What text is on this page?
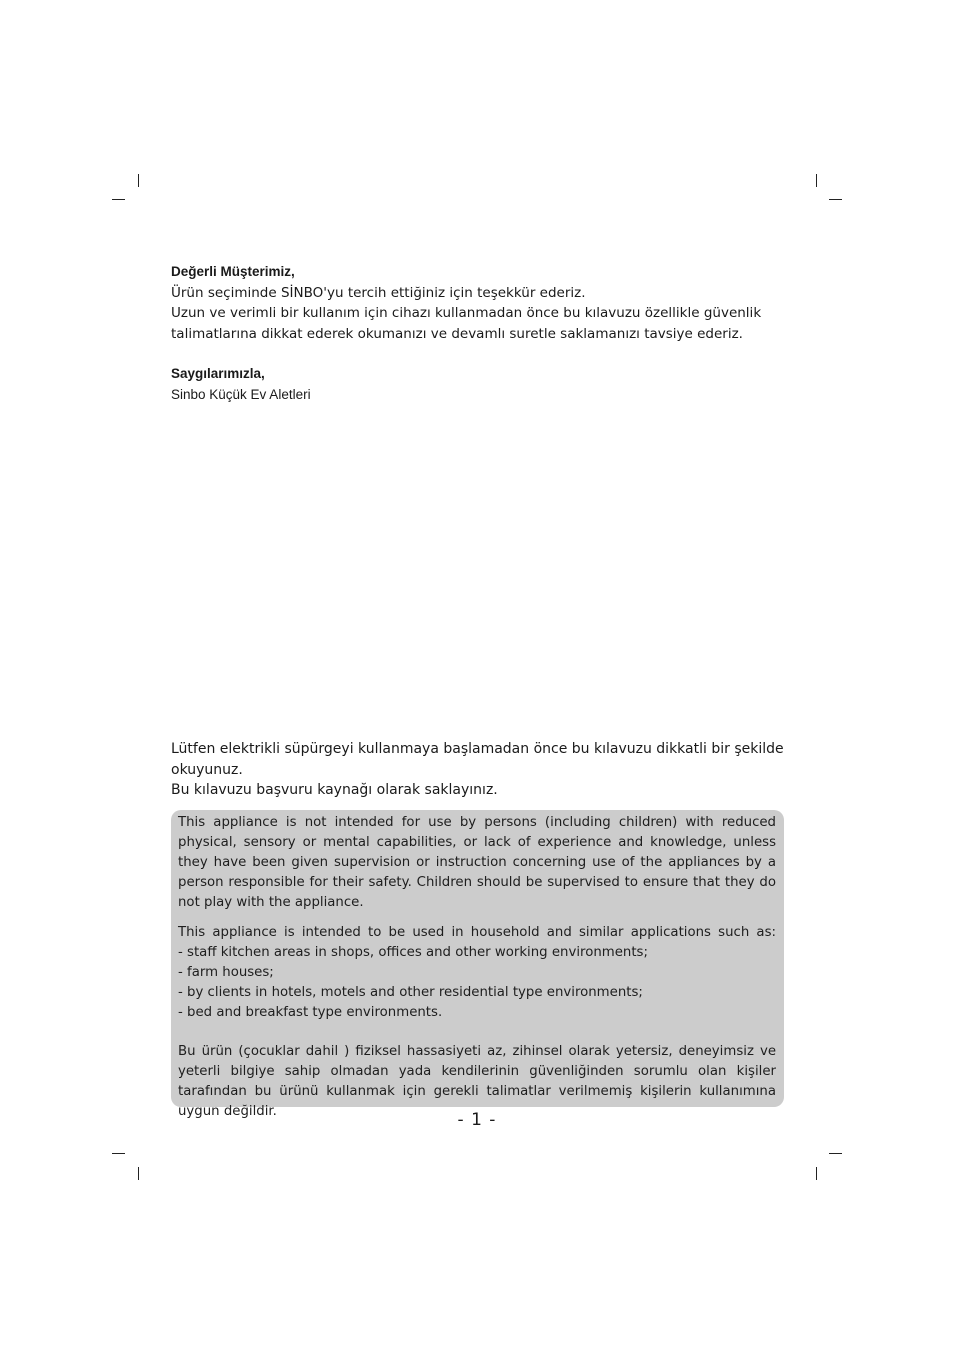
Değerli Müşterimiz,
Ürün seçiminde SİNBO'yu tercih ettiğiniz için teşekkür ederiz.
Uzun ve verimli bir kullanım için cihazı kullanmadan önce bu kılavuzu özellikle güvenlik
talimatlarına dikkat ederek okumanızı ve devamlı suretle saklamanızı tavsiye ederiz.
Saygılarımızla,
Sinbo Küçük Ev Aletleri
Lütfen elektrikli süpürgeyi kullanmaya başlamadan önce bu kılavuzu dikkatli bir şekilde
okuyunuz.
Bu kılavuzu başvuru kaynağı olarak saklayınız.

This appliance is not intended for use by persons (including children) with reduced physical, sensory or mental capabilities, or lack of experience and knowledge, unless they have been given supervision or instruction concerning use of the appliances by a person responsible for their safety. Children should be supervised to ensure that they do not play with the appliance.

This appliance is intended to be used in household and similar applications such as:

- staff kitchen areas in shops, offices and other working environments;
- farm houses;
- by clients in hotels, motels and other residential type environments;
- bed and breakfast type environments.

Bu ürün (çocuklar dahil ) fiziksel hassasiyeti az, zihinsel olarak yetersiz, deneyimsiz ve yeterli bilgiye sahip olmadan yada kendilerinin güvenliğinden sorumlu olan kişiler tarafından bu ürünü kullanmak için gerekli talimatlar verilmemiş kişilerin kullanımına uygun değildir.	- 1 -
